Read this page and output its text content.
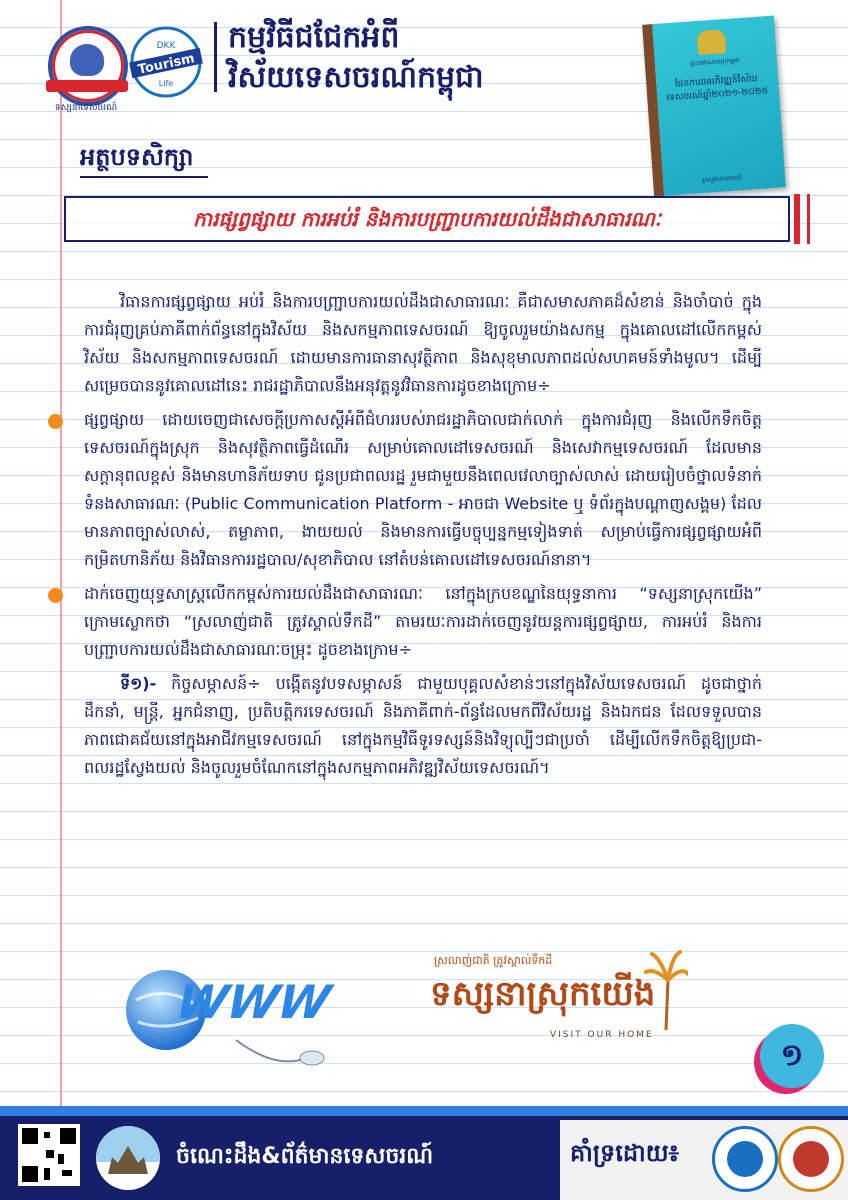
ទស្សនាទេសចរណ៍
DKK
Tourism
Life
កម្មវិធីជជែកអំពី
វិស័យទេសចរណ៍កម្ពុជា	ព្រះរាជាណាចក្រកម្ពុជា
ផែនការមេអភិវឌ្ឍន៍វិស័យទេសចរណ៍ឆ្នាំ២០២១-២០២៥
ក្រសួងទេសចរណ៍
អត្ថបទសិក្សា
ការផ្សព្វផ្សាយ ការអប់រំ និងការបញ្ជ្រាបការយល់ដឹងជាសាធារណៈ

វិធានការផ្សព្វផ្សាយ អប់រំ និងការបញ្ជ្រាបការយល់ដឹងជាសាធារណៈ គឺជាសមាសភាគដ៏សំខាន់ និងចាំបាច់ ក្នុងការជំរុញគ្រប់ភាគីពាក់ព័ន្ធនៅក្នុងវិស័យ និងសកម្មភាពទេសចរណ៍ ឱ្យចូលរួមយ៉ាងសកម្ម ក្នុងគោលដៅលើកកម្ពស់វិស័យ និងសកម្មភាពទេសចរណ៍ ដោយមានការធានាសុវត្ថិភាព និងសុខុមាលភាពដល់សហគមន៍ទាំងមូល។ ដើម្បីសម្រេចបាននូវគោលដៅនេះ រាជរដ្ឋាភិបាលនឹងអនុវត្តនូវវិធានការដូចខាងក្រោម÷

ផ្សព្វផ្សាយ ដោយចេញជាសេចក្តីប្រកាសស្តីអំពីជំហររបស់រាជរដ្ឋាភិបាលជាក់លាក់ ក្នុងការជំរុញ និងលើកទឹកចិត្តទេសចរណ៍ក្នុងស្រុក និងសុវត្ថិភាពធ្វើដំណើរ សម្រាប់គោលដៅទេសចរណ៍ និងសេវាកម្មទេសចរណ៍ ដែលមានសក្តានុពលខ្ពស់ និងមានហានិភ័យទាប ជូនប្រជាពលរដ្ឋ រួមជាមួយនឹងពេលវេលាច្បាស់លាស់ ដោយរៀបចំថ្នាលទំនាក់ទំនងសាធារណៈ (Public Communication Platform - អាចជា Website ឬ ទំព័រក្នុងបណ្តាញសង្គម) ដែលមានភាពច្បាស់លាស់, តម្លាភាព, ងាយយល់ និងមានការធ្វើបច្ចុប្បន្នកម្មទៀងទាត់ សម្រាប់ធ្វើការផ្សព្វផ្សាយអំពីកម្រិតហានិភ័យ និងវិធានការរដ្ឋបាល/សុខាភិបាល នៅតំបន់គោលដៅទេសចរណ៍នានា។

ដាក់ចេញយុទ្ធសាស្ត្រលើកកម្ពស់ការយល់ដឹងជាសាធារណៈ នៅក្នុងក្របខណ្ឌនៃយុទ្ធនាការ “ទស្សនាស្រុកយើង” ក្រោមស្លោកថា “ស្រលាញ់ជាតិ ត្រូវស្គាល់ទឹកដី” តាមរយៈការដាក់ចេញនូវយន្តការផ្សព្វផ្សាយ, ការអប់រំ និងការបញ្ជ្រាបការយល់ដឹងជាសាធារណៈចម្រុះ ដូចខាងក្រោម÷

ទី១)- កិច្ចសម្ភាសន៍÷ បង្កើតនូវបទសម្ភាសន៍ ជាមួយបុគ្គលសំខាន់ៗនៅក្នុងវិស័យទេសចរណ៍ ដូចជាថ្នាក់ដឹកនាំ, មន្ត្រី, អ្នកជំនាញ, ប្រតិបត្តិករទេសចរណ៍ និងភាគីពាក់-ព័ន្ធដែលមកពីវិស័យរដ្ឋ និងឯកជន ដែលទទួលបានភាពជោគជ័យនៅក្នុងអាជីវកម្មទេសចរណ៍ នៅក្នុងកម្មវិធីទូរទស្សន៍និងវិទ្យុល្បីៗជាប្រចាំ ដើម្បីលើកទឹកចិត្តឱ្យប្រជា-ពលរដ្ឋស្វែងយល់ និងចូលរួមចំណែកនៅក្នុងសកម្មភាពអភិវឌ្ឍវិស័យទេសចរណ៍។

WWW
ស្រលាញ់ជាតិ ត្រូវស្គាល់ទឹកដី
ទស្សនាស្រុកយើង
VISIT OUR HOME
១
ចំណេះដឹង&ព័ត៌មានទេសចរណ៍	គាំទ្រដោយ៖
